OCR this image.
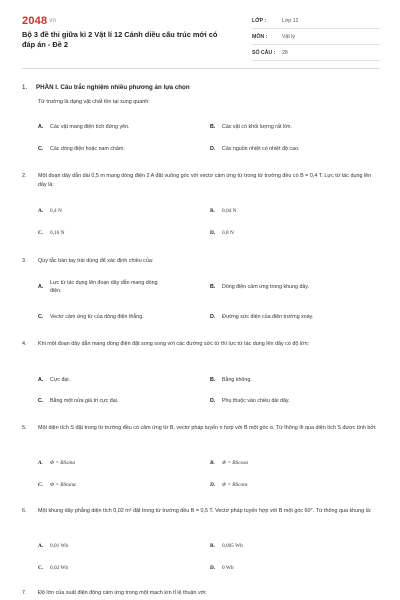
2048 vn
Bộ 3 đề thi giữa kì 2 Vật lí 12 Cánh diều cấu trúc mới có đáp án - Đề 2
LỚP :	Lớp 12
MÔN :	Vật lý
SỐ CÂU :	28
1. PHẦN I. Câu trắc nghiệm nhiều phương án lựa chọn
Từ trường là dạng vật chất tồn tại xung quanh:
A. Các vật mang điện tích đứng yên.	B. Các vật có khối lượng rất lớn.
C. Các dòng điện hoặc nam châm.	D. Các nguồn nhiệt có nhiệt độ cao.
2. Một đoạn dây dẫn dài 0,5 m mang dòng điện 2 A đặt vuông góc với vectơ cảm ứng từ trong từ trường đều có B = 0,4 T. Lực từ tác dụng lên dây là:
A. 0,4 N	B. 0,04 N
C. 0,16 N	D. 0,8 N
3. Quy tắc bàn tay trái dùng để xác định chiều của:
A.
Lực từ tác dụng lên đoạn dây dẫn mang dòng điện.
B. Dòng điện cảm ứng trong khung dây.
C. Vectơ cảm ứng từ của dòng điện thẳng.	D. Đường sức điện của điện trường xoáy.
4. Khi một đoạn dây dẫn mang dòng điện đặt song song với các đường sức từ thì lực từ tác dụng lên dây có độ lớn:
A. Cực đại.	B. Bằng không.
C. Bằng một nửa giá trị cực đại.	D. Phụ thuộc vào chiều dài dây.
5. Một diện tích S đặt trong từ trường đều có cảm ứng từ B, vectơ pháp tuyến n hợp với B một góc α. Từ thông Φ qua diện tích S được tính bởi:
A. Φ = BSsinα	B. Φ = BScosα
C. Φ = BStanα	D. Φ = BScotα
6. Một khung dây phẳng diện tích 0,02 m² đặt trong từ trường đều B = 0,5 T. Vectơ pháp tuyến hợp với B một góc 60°. Từ thông qua khung là:
A. 0,01 Wb	B. 0,005 Wb
C. 0,02 Wb	D. 0 Wb
7. Độ lớn của suất điện động cảm ứng trong một mạch kín tỉ lệ thuận với:
